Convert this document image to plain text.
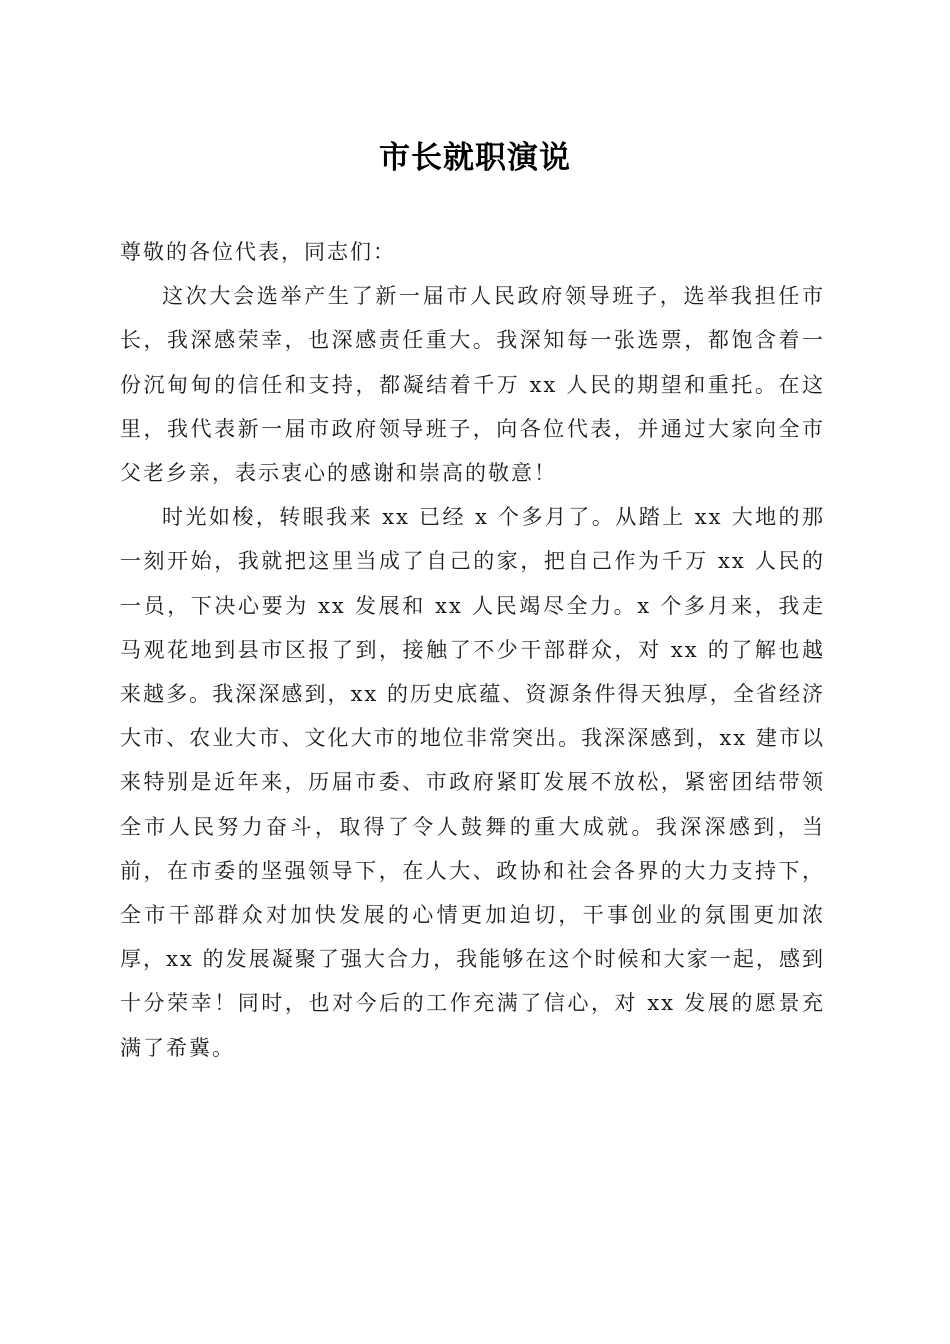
市长就职演说

尊敬的各位代表，同志们：

这次大会选举产生了新一届市人民政府领导班子，选举我担任市长，我深感荣幸，也深感责任重大。我深知每一张选票，都饱含着一份沉甸甸的信任和支持，都凝结着千万 xx 人民的期望和重托。在这里，我代表新一届市政府领导班子，向各位代表，并通过大家向全市父老乡亲，表示衷心的感谢和崇高的敬意！

时光如梭，转眼我来 xx 已经 x 个多月了。从踏上 xx 大地的那一刻开始，我就把这里当成了自己的家，把自己作为千万 xx 人民的一员，下决心要为 xx 发展和 xx 人民竭尽全力。x 个多月来，我走马观花地到县市区报了到，接触了不少干部群众，对 xx 的了解也越来越多。我深深感到，xx 的历史底蕴、资源条件得天独厚，全省经济大市、农业大市、文化大市的地位非常突出。我深深感到，xx 建市以来特别是近年来，历届市委、市政府紧盯发展不放松，紧密团结带领全市人民努力奋斗，取得了令人鼓舞的重大成就。我深深感到，当前，在市委的坚强领导下，在人大、政协和社会各界的大力支持下，全市干部群众对加快发展的心情更加迫切，干事创业的氛围更加浓厚，xx 的发展凝聚了强大合力，我能够在这个时候和大家一起，感到十分荣幸！同时，也对今后的工作充满了信心，对 xx 发展的愿景充满了希冀。
